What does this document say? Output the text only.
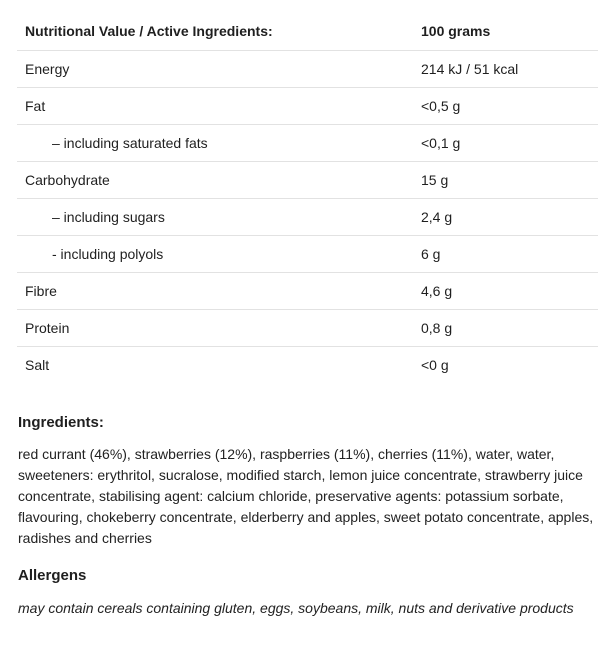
Nutritional Value / Active Ingredients:	100 grams
Energy	214 kJ / 51 kcal
Fat	<0,5 g
– including saturated fats	<0,1 g
Carbohydrate	15 g
– including sugars	2,4 g
- including polyols	6 g
Fibre	4,6 g
Protein	0,8 g
Salt	<0 g
Ingredients:

red currant (46%), strawberries (12%), raspberries (11%), cherries (11%), water, water, sweeteners: erythritol, sucralose, modified starch, lemon juice concentrate, strawberry juice concentrate, stabilising agent: calcium chloride, preservative agents: potassium sorbate, flavouring, chokeberry concentrate, elderberry and apples, sweet potato concentrate, apples, radishes and cherries

Allergens

may contain cereals containing gluten, eggs, soybeans, milk, nuts and derivative products
